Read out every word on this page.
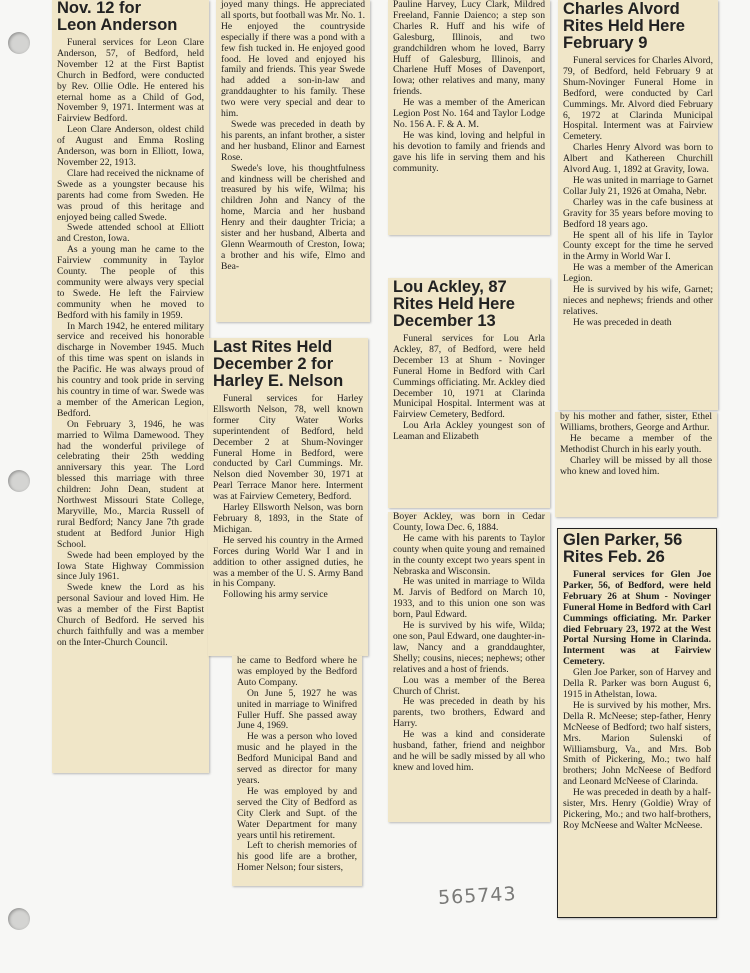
Nov. 12 for
Leon Anderson

Funeral services for Leon Clare Anderson, 57, of Bedford, held November 12 at the First Baptist Church in Bedford, were conducted by Rev. Ollie Odle. He entered his eternal home as a Child of God, November 9, 1971. Interment was at Fairview Bedford.

Leon Clare Anderson, oldest child of August and Emma Rosling Anderson, was born in Elliott, Iowa, November 22, 1913.

Clare had received the nickname of Swede as a youngster because his parents had come from Sweden. He was proud of this heritage and enjoyed being called Swede.

Swede attended school at Elliott and Creston, Iowa.

As a young man he came to the Fairview community in Taylor County. The people of this community were always very special to Swede. He left the Fairview community when he moved to Bedford with his family in 1959.

In March 1942, he entered military service and received his honorable discharge in November 1945. Much of this time was spent on islands in the Pacific. He was always proud of his country and took pride in serving his country in time of war. Swede was a member of the American Legion, Bedford.

On February 3, 1946, he was married to Wilma Damewood. They had the wonderful privilege of celebrating their 25th wedding anniversary this year. The Lord blessed this marriage with three children: John Dean, student at Northwest Missouri State College, Maryville, Mo., Marcia Russell of rural Bedford; Nancy Jane 7th grade student at Bedford Junior High School.

Swede had been employed by the Iowa State Highway Commission since July 1961.

Swede knew the Lord as his personal Saviour and loved Him. He was a member of the First Baptist Church of Bedford. He served his church faithfully and was a member on the Inter-Church Council.

joyed many things. He appreciated all sports, but football was Mr. No. 1. He enjoyed the countryside especially if there was a pond with a few fish tucked in. He enjoyed good food. He loved and enjoyed his family and friends. This year Swede had added a son-in-law and granddaughter to his family. These two were very special and dear to him.

Swede was preceded in death by his parents, an infant brother, a sister and her husband, Elinor and Earnest Rose.

Swede's love, his thoughtfulness and kindness will be cherished and treasured by his wife, Wilma; his children John and Nancy of the home, Marcia and her husband Henry and their daughter Tricia; a sister and her husband, Alberta and Glenn Wearmouth of Creston, Iowa; a brother and his wife, Elmo and Bea-

Last Rites Held
December 2 for
Harley E. Nelson

Funeral services for Harley Ellsworth Nelson, 78, well known former City Water Works superintendent of Bedford, held December 2 at Shum-Novinger Funeral Home in Bedford, were conducted by Carl Cummings. Mr. Nelson died November 30, 1971 at Pearl Terrace Manor here. Interment was at Fairview Cemetery, Bedford.

Harley Ellsworth Nelson, was born February 8, 1893, in the State of Michigan.

He served his country in the Armed Forces during World War I and in addition to other assigned duties, he was a member of the U. S. Army Band in his Company.

Following his army service

he came to Bedford where he was employed by the Bedford Auto Company.

On June 5, 1927 he was united in marriage to Winifred Fuller Huff. She passed away June 4, 1969.

He was a person who loved music and he played in the Bedford Municipal Band and served as director for many years.

He was employed by and served the City of Bedford as City Clerk and Supt. of the Water Department for many years until his retirement.

Left to cherish memories of his good life are a brother, Homer Nelson; four sisters,

Pauline Harvey, Lucy Clark, Mildred Freeland, Fannie Daienco; a step son Charles R. Huff and his wife of Galesburg, Illinois, and two grandchildren whom he loved, Barry Huff of Galesburg, Illinois, and Charlene Huff Moses of Davenport, Iowa; other relatives and many, many friends.

He was a member of the American Legion Post No. 164 and Taylor Lodge No. 156 A. F. & A. M.

He was kind, loving and helpful in his devotion to family and friends and gave his life in serving them and his community.

Lou Ackley, 87
Rites Held Here
December 13

Funeral services for Lou Arla Ackley, 87, of Bedford, were held December 13 at Shum - Novinger Funeral Home in Bedford with Carl Cummings officiating. Mr. Ackley died December 10, 1971 at Clarinda Municipal Hospital. Interment was at Fairview Cemetery, Bedford.

Lou Arla Ackley youngest son of Leaman and Elizabeth

Boyer Ackley, was born in Cedar County, Iowa Dec. 6, 1884.

He came with his parents to Taylor county when quite young and remained in the county except two years spent in Nebraska and Wisconsin.

He was united in marriage to Wilda M. Jarvis of Bedford on March 10, 1933, and to this union one son was born, Paul Edward.

He is survived by his wife, Wilda; one son, Paul Edward, one daughter-in-law, Nancy and a granddaughter, Shelly; cousins, nieces; nephews; other relatives and a host of friends.

Lou was a member of the Berea Church of Christ.

He was preceded in death by his parents, two brothers, Edward and Harry.

He was a kind and considerate husband, father, friend and neighbor and he will be sadly missed by all who knew and loved him.

Charles Alvord
Rites Held Here
February 9

Funeral services for Charles Alvord, 79, of Bedford, held February 9 at Shum-Novinger Funeral Home in Bedford, were conducted by Carl Cummings. Mr. Alvord died February 6, 1972 at Clarinda Municipal Hospital. Interment was at Fairview Cemetery.

Charles Henry Alvord was born to Albert and Kathereen Churchill Alvord Aug. 1, 1892 at Gravity, Iowa.

He was united in marriage to Garnet Collar July 21, 1926 at Omaha, Nebr.

Charley was in the cafe business at Gravity for 35 years before moving to Bedford 18 years ago.

He spent all of his life in Taylor County except for the time he served in the Army in World War I.

He was a member of the American Legion.

He is survived by his wife, Garnet; nieces and nephews; friends and other relatives.

He was preceded in death

by his mother and father, sister, Ethel Williams, brothers, George and Arthur.

He became a member of the Methodist Church in his early youth.

Charley will be missed by all those who knew and loved him.

Glen Parker, 56
Rites Feb. 26

Funeral services for Glen Joe Parker, 56, of Bedford, were held February 26 at Shum - Novinger Funeral Home in Bedford with Carl Cummings officiating. Mr. Parker died February 23, 1972 at the West Portal Nursing Home in Clarinda. Interment was at Fairview Cemetery.

Glen Joe Parker, son of Harvey and Della R. Parker was born August 6, 1915 in Athelstan, Iowa.

He is survived by his mother, Mrs. Della R. McNeese; step-father, Henry McNeese of Bedford; two half sisters, Mrs. Marion Sulenski of Williamsburg, Va., and Mrs. Bob Smith of Pickering, Mo.; two half brothers; John McNeese of Bedford and Leonard McNeese of Clarinda.

He was preceded in death by a half-sister, Mrs. Henry (Goldie) Wray of Pickering, Mo.; and two half-brothers, Roy McNeese and Walter McNeese.

565743
